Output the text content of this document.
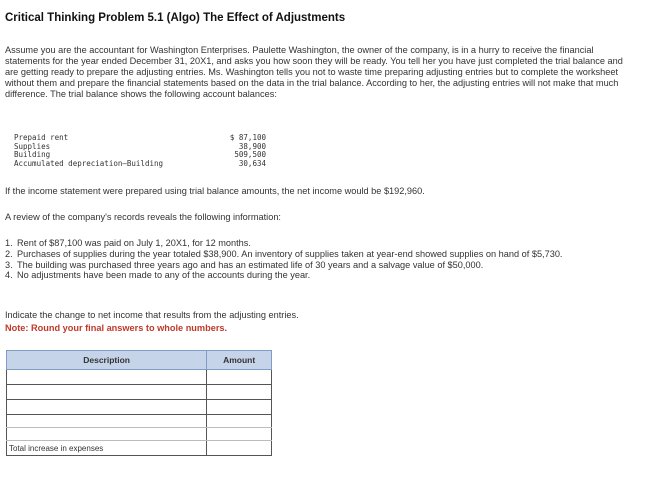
Critical Thinking Problem 5.1 (Algo) The Effect of Adjustments

Assume you are the accountant for Washington Enterprises. Paulette Washington, the owner of the company, is in a hurry to receive the financial statements for the year ended December 31, 20X1, and asks you how soon they will be ready. You tell her you have just completed the trial balance and are getting ready to prepare the adjusting entries. Ms. Washington tells you not to waste time preparing adjusting entries but to complete the worksheet without them and prepare the financial statements based on the data in the trial balance. According to her, the adjusting entries will not make that much difference. The trial balance shows the following account balances:

Prepaid rent	$ 87,100
Supplies	38,900
Building	509,500
Accumulated depreciation—Building	30,634
If the income statement were prepared using trial balance amounts, the net income would be $192,960.
A review of the company's records reveals the following information:
1. Rent of $87,100 was paid on July 1, 20X1, for 12 months.
2. Purchases of supplies during the year totaled $38,900. An inventory of supplies taken at year-end showed supplies on hand of $5,730.
3. The building was purchased three years ago and has an estimated life of 30 years and a salvage value of $50,000.
4. No adjustments have been made to any of the accounts during the year.
Indicate the change to net income that results from the adjusting entries.
Note: Round your final answers to whole numbers.
Description	Amount

Total increase in expenses	
